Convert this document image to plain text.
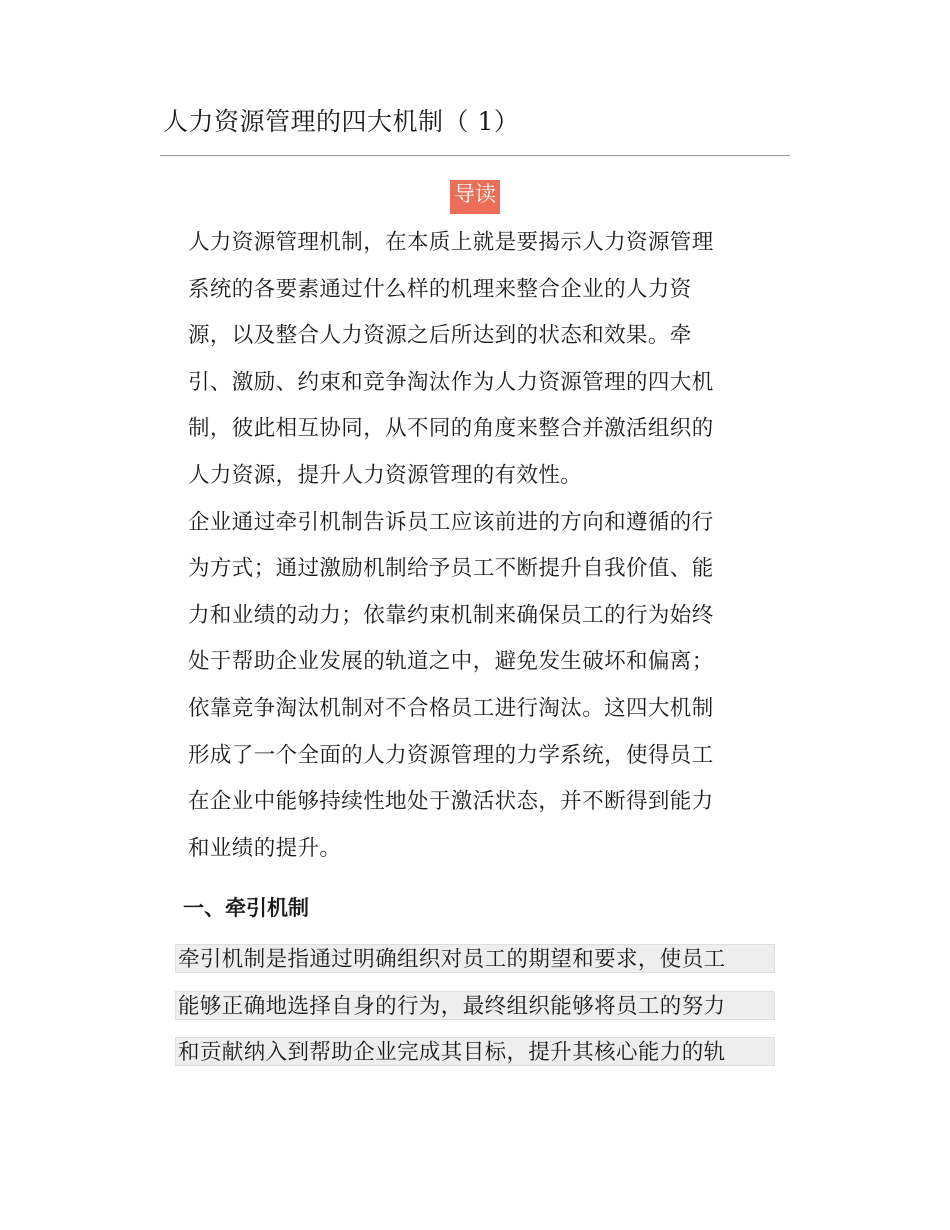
人力资源管理的四大机制（ 1）
导读
人力资源管理机制，在本质上就是要揭示人力资源管理
系统的各要素通过什么样的机理来整合企业的人力资
源，以及整合人力资源之后所达到的状态和效果。牵
引、激励、约束和竞争淘汰作为人力资源管理的四大机
制，彼此相互协同，从不同的角度来整合并激活组织的
人力资源，提升人力资源管理的有效性。
企业通过牵引机制告诉员工应该前进的方向和遵循的行
为方式；通过激励机制给予员工不断提升自我价值、能
力和业绩的动力；依靠约束机制来确保员工的行为始终
处于帮助企业发展的轨道之中，避免发生破坏和偏离；
依靠竞争淘汰机制对不合格员工进行淘汰。这四大机制
形成了一个全面的人力资源管理的力学系统，使得员工
在企业中能够持续性地处于激活状态，并不断得到能力
和业绩的提升。
一、牵引机制
牵引机制是指通过明确组织对员工的期望和要求，使员工
能够正确地选择自身的行为，最终组织能够将员工的努力
和贡献纳入到帮助企业完成其目标，提升其核心能力的轨
